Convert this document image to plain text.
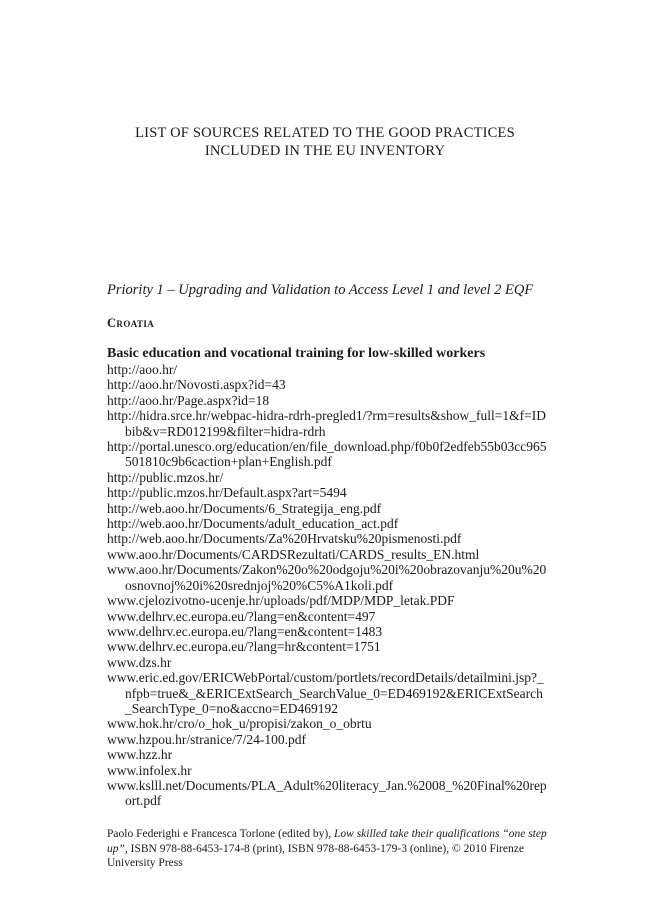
LIST OF SOURCES RELATED TO THE GOOD PRACTICES
INCLUDED IN THE EU INVENTORY
Priority 1 – Upgrading and Validation to Access Level 1 and level 2 EQF
Croatia
Basic education and vocational training for low-skilled workers
http://aoo.hr/
http://aoo.hr/Novosti.aspx?id=43
http://aoo.hr/Page.aspx?id=18
http://hidra.srce.hr/webpac-hidra-rdrh-pregled1/?rm=results&show_full=1&f=IDbib&v=RD012199&filter=hidra-rdrh
http://portal.unesco.org/education/en/file_download.php/f0b0f2edfeb55b03cc965501810c9b6caction+plan+English.pdf
http://public.mzos.hr/
http://public.mzos.hr/Default.aspx?art=5494
http://web.aoo.hr/Documents/6_Strategija_eng.pdf
http://web.aoo.hr/Documents/adult_education_act.pdf
http://web.aoo.hr/Documents/Za%20Hrvatsku%20pismenosti.pdf
www.aoo.hr/Documents/CARDSRezultati/CARDS_results_EN.html
www.aoo.hr/Documents/Zakon%20o%20odgoju%20i%20obrazovanju%20u%20osnovnoj%20i%20srednjoj%20%C5%A1koli.pdf
www.cjelozivotno-ucenje.hr/uploads/pdf/MDP/MDP_letak.PDF
www.delhrv.ec.europa.eu/?lang=en&content=497
www.delhrv.ec.europa.eu/?lang=en&content=1483
www.delhrv.ec.europa.eu/?lang=hr&content=1751
www.dzs.hr
www.eric.ed.gov/ERICWebPortal/custom/portlets/recordDetails/detailmini.jsp?_nfpb=true&_&ERICExtSearch_SearchValue_0=ED469192&ERICExtSearch_SearchType_0=no&accno=ED469192
www.hok.hr/cro/o_hok_u/propisi/zakon_o_obrtu
www.hzpou.hr/stranice/7/24-100.pdf
www.hzz.hr
www.infolex.hr
www.kslll.net/Documents/PLA_Adult%20literacy_Jan.%2008_%20Final%20report.pdf
Paolo Federighi e Francesca Torlone (edited by), Low skilled take their qualifications “one step up”, ISBN 978-88-6453-174-8 (print), ISBN 978-88-6453-179-3 (online), © 2010 Firenze University Press
